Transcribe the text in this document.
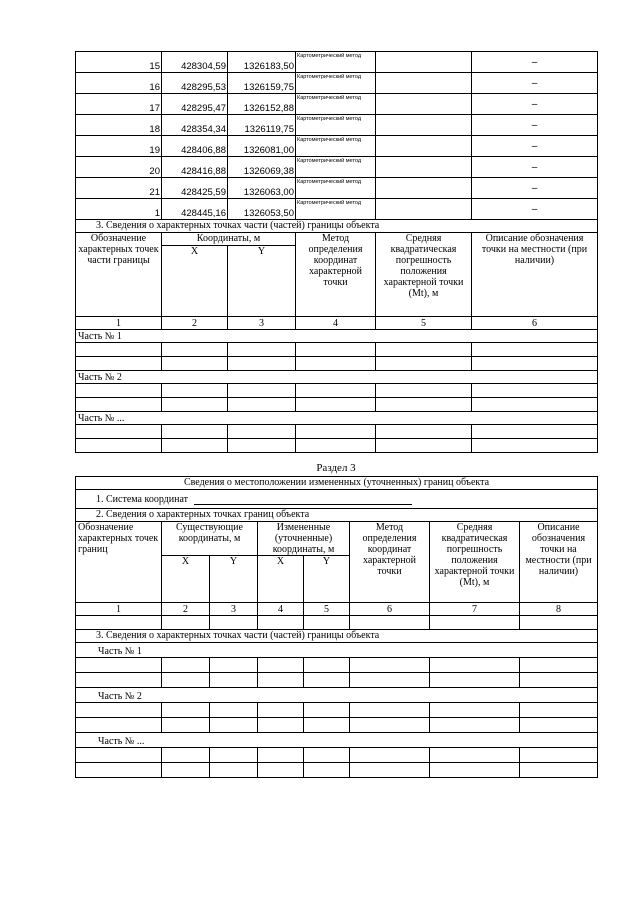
15	428304,59	1326183,50	Картометрический метод		–
16	428295,53	1326159,75	Картометрический метод		–
17	428295,47	1326152,88	Картометрический метод		–
18	428354,34	1326119,75	Картометрический метод		–
19	428406,88	1326081,00	Картометрический метод		–
20	428416,88	1326069,38	Картометрический метод		–
21	428425,59	1326063,00	Картометрический метод		–
1	428445,16	1326053,50	Картометрический метод		–
3. Сведения о характерных точках части (частей) границы объекта					
Обозначение характерных точек части границы	Координаты, м		Метод определения координат характерной точки	Средняя квадратическая погрешность положения характерной точки (Mt), м	Описание обозначения точки на местности (при наличии)
	X	Y			
1	2	3	4	5	6
Часть № 1					

Часть № 2					

Часть № ...					

Раздел 3
Сведения о местоположении измененных (уточненных) границ объекта							
1. Система координат							
2. Сведения о характерных точках границ объекта							
Обозначение характерных точек границ	Существующие координаты, м		Измененные (уточненные) координаты, м		Метод определения координат характерной точки	Средняя квадратическая погрешность положения характерной точки (Mt), м	Описание обозначения точки на местности (при наличии)
	X	Y	X	Y			
1	2	3	4	5	6	7	8

3. Сведения о характерных точках части (частей) границы объекта							
Часть № 1							

Часть № 2							

Часть № ...							
